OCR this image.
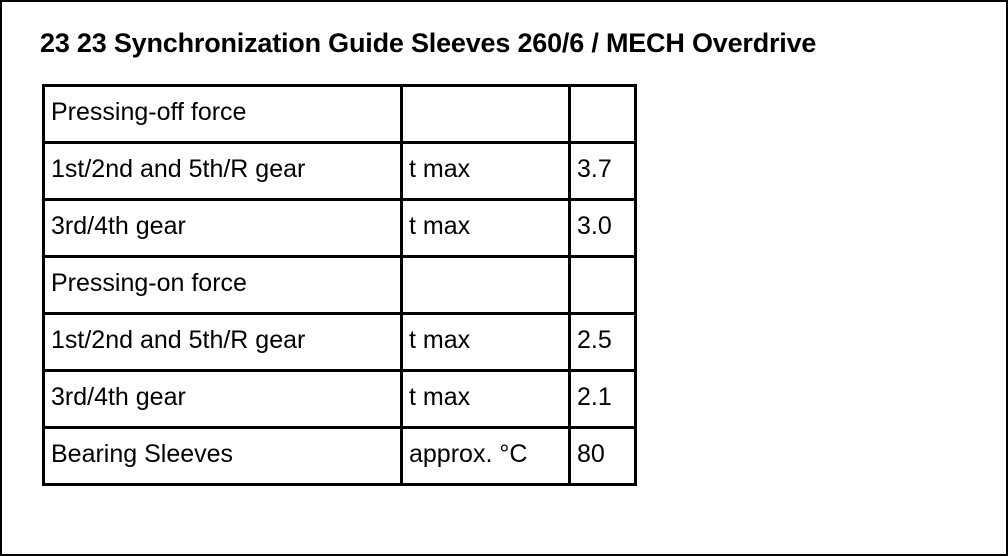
23 23 Synchronization Guide Sleeves 260/6 / MECH Overdrive
Pressing-off force		
1st/2nd and 5th/R gear	t max	3.7
3rd/4th gear	t max	3.0
Pressing-on force		
1st/2nd and 5th/R gear	t max	2.5
3rd/4th gear	t max	2.1
Bearing Sleeves	approx. °C	80
